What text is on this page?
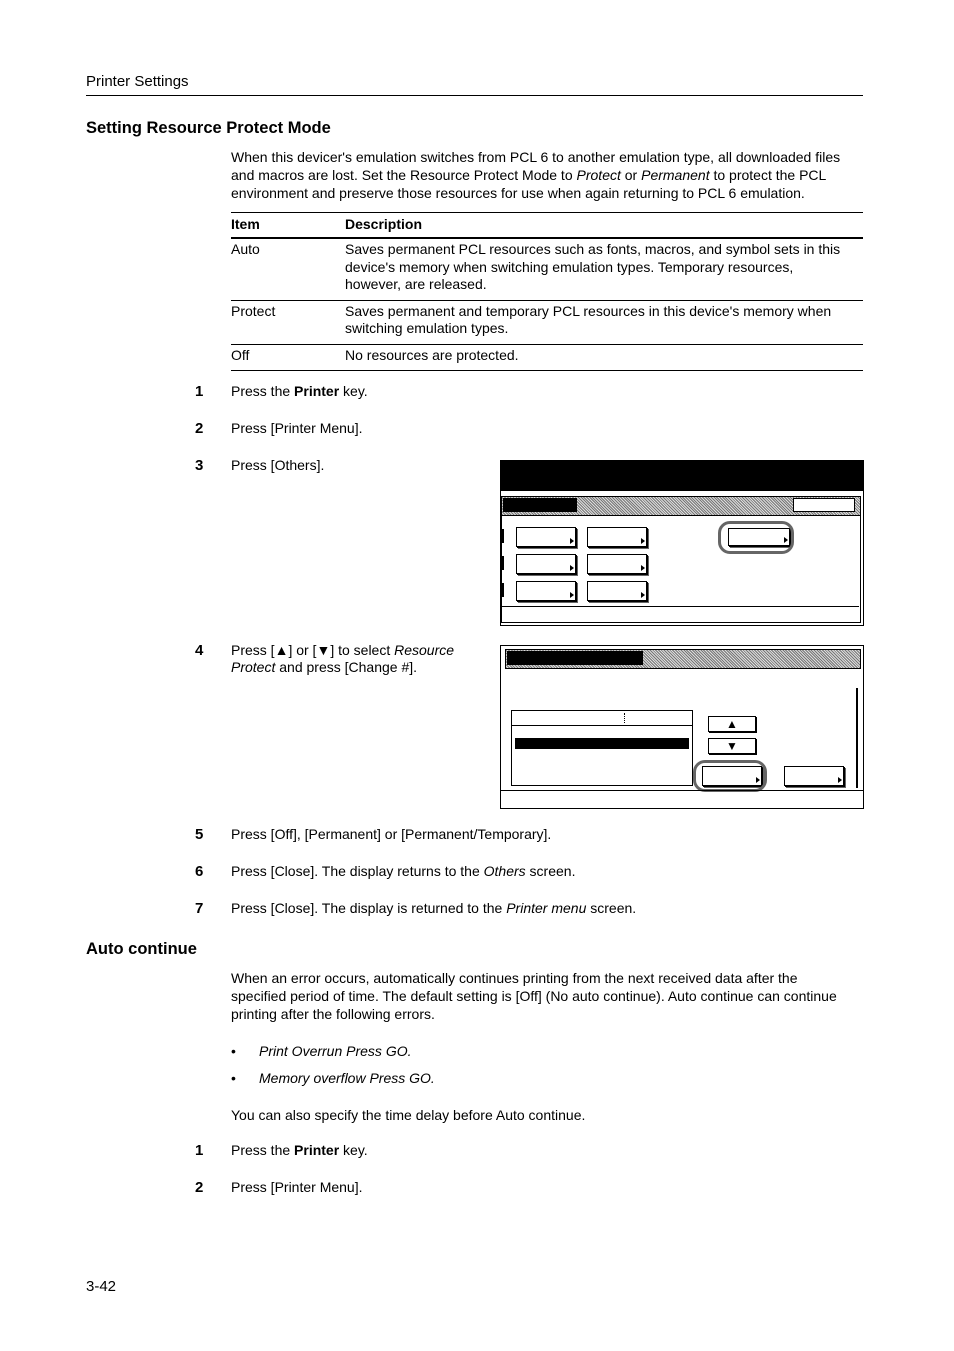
Printer Settings
Setting Resource Protect Mode
When this devicer's emulation switches from PCL 6 to another emulation type, all downloaded files
and macros are lost. Set the Resource Protect Mode to Protect or Permanent to protect the PCL
environment and preserve those resources for use when again returning to PCL 6 emulation.
Item	Description
Auto	Saves permanent PCL resources such as fonts, macros, and symbol sets in this
device's memory when switching emulation types. Temporary resources,
however, are released.

Protect	Saves permanent and temporary PCL resources in this device's memory when
switching emulation types.

Off	No resources are protected.
1 Press the Printer key.
2 Press [Printer Menu].
3 Press [Others].
4 Press [▲] or [▼] to select Resource
Protect and press [Change #].
▲
▼
5 Press [Off], [Permanent] or [Permanent/Temporary].
6 Press [Close]. The display returns to the Others screen.
7 Press [Close]. The display is returned to the Printer menu screen.
Auto continue
When an error occurs, automatically continues printing from the next received data after the
specified period of time. The default setting is [Off] (No auto continue). Auto continue can continue
printing after the following errors.
• Print Overrun Press GO.
• Memory overflow Press GO.
You can also specify the time delay before Auto continue.
1 Press the Printer key.
2 Press [Printer Menu].
3-42
